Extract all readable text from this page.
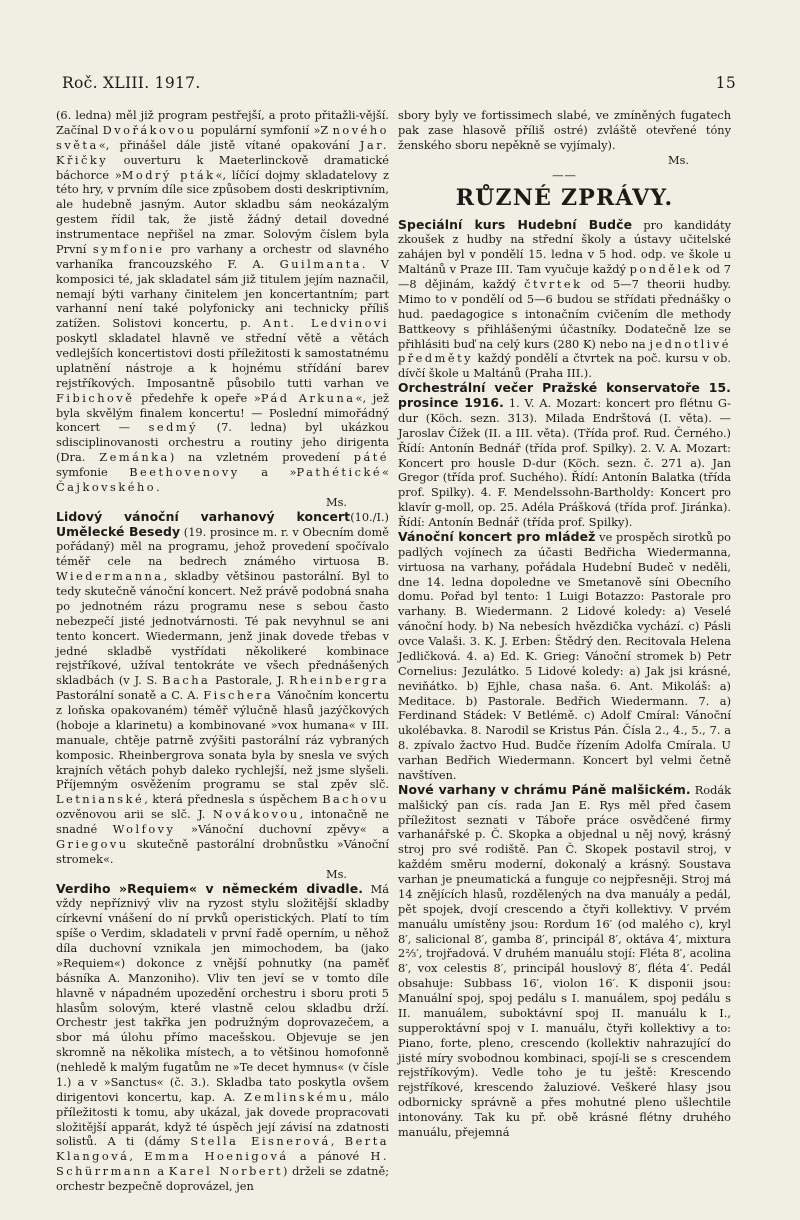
Roč. XLIII. 1917.	15

(6. ledna) měl již program pestřejší, a proto přitažli-vější. Začínal Dvořákovou populární symfonií »Z nového světa«, přinášel dále jistě vítané opakování Jar. Křičky ouverturu k Maeterlinckově dramatické báchorce »Modrý pták«, líčící dojmy skladatelovy z této hry, v prvním díle sice způsobem dosti deskriptivním, ale hudebně jasným. Autor skladbu sám neokázalým gestem řídil tak, že jistě žádný detail dovedné instrumentace nepřišel na zmar. Solovým číslem byla První symfonie pro varhany a orchestr od slavného varhaníka francouzského F. A. Guilmanta. V komposici té, jak skladatel sám již titulem jejím naznačil, nemají býti varhany činitelem jen koncertantním; part varhanní není také polyfonicky ani technicky příliš zatížen. Solistovi koncertu, p. Ant. Ledvinovi poskytl skladatel hlavně ve střední větě a větách vedlejších koncertistovi dosti příležitosti k samostatnému uplatnění nástroje a k hojnému střídání barev rejstříkových. Imposantně působilo tutti varhan ve Fibichově předehře k opeře »Pád Arkuna«, jež byla skvělým finalem koncertu! — Poslední mimořádný koncert — sedmý (7. ledna) byl ukázkou sdisciplinovanosti orchestru a routiny jeho dirigenta (Dra. Zemánka) na vzletném provedení páté symfonie Beethovenovy a »Pathétické« Čajkovského.

Ms.

Lidový vánoční varhanový koncert(10./I.) Umělecké Besedy (19. prosince m. r. v Obecním domě pořádaný) měl na programu, jehož provedení spočívalo téměř cele na bedrech známého virtuosa B. Wiedermanna, skladby většinou pastorální. Byl to tedy skutečně vánoční koncert. Než právě podobná snaha po jednotném rázu programu nese s sebou často nebezpečí jisté jednotvárnosti. Té pak nevyhnul se ani tento koncert. Wiedermann, jenž jinak dovede třebas v jedné skladbě vystřídati několikeré kombinace rejstříkové, užíval tentokráte ve všech přednášených skladbách (v J. S. Bacha Pastorale, J. Rheinbergra Pastorální sonatě a C. A. Fischera Vánočním koncertu z loňska opakovaném) téměř výlučně hlasů jazýčkových (hoboje a klarinetu) a kombinované »vox humana« v III. manuale, chtěje patrně zvýšiti pastorální ráz vybraných komposic. Rheinbergrova sonata byla by snesla ve svých krajních větách pohyb daleko rychlejší, než jsme slyšeli. Příjemným osvěžením programu se stal zpěv slč. Letnianské, která přednesla s úspěchem Bachovu ozvěnovou arii se slč. J. Novákovou, intonačně ne snadné Wolfovy »Vánoční duchovní zpěvy« a Griegovu skutečně pastorální drobnůstku »Vánoční stromek«.

Ms.

Verdiho »Requiem« v německém divadle. Má vždy nepříznivý vliv na ryzost stylu složitější skladby církevní vnášení do ní prvků operistických. Platí to tím spíše o Verdim, skladateli v první řadě operním, u něhož díla duchovní vznikala jen mimochodem, ba (jako »Requiem«) dokonce z vnější pohnutky (na paměť básníka A. Manzoniho). Vliv ten jeví se v tomto díle hlavně v nápadném upozedění orchestru i sboru proti 5 hlasům solovým, které vlastně celou skladbu drží. Orchestr jest takřka jen podružným doprovazečem, a sbor má úlohu přímo macešskou. Objevuje se jen skromně na několika místech, a to většinou homofonně (nehledě k malým fugatům ne »Te decet hymnus« (v čísle 1.) a v »Sanctus« (č. 3.). Skladba tato poskytla ovšem dirigentovi koncertu, kap. A. Zemlinskému, málo příležitosti k tomu, aby ukázal, jak dovede propracovati složitější apparát, když té úspěch její závisí na zdatnosti solistů. A ti (dámy Stella Eisnerová, Berta Klangová, Emma Hoenigová a pánové H. Schürrmann a Karel Norbert) drželi se zdatně; orchestr bezpečně doprovázel, jen

sbory byly ve fortissimech slabé, ve zmíněných fugatech pak zase hlasově příliš ostré) zvláště otevřené tóny ženského sboru nepěkně se vyjímaly).

Ms.

——
RŮZNÉ ZPRÁVY.

Speciální kurs Hudební Budče pro kandidáty zkoušek z hudby na střední školy a ústavy učitelské zahájen byl v pondělí 15. ledna v 5 hod. odp. ve škole u Maltánů v Praze III. Tam vyučuje každý pondělek od 7—8 dějinám, každý čtvrtek od 5—7 theorii hudby. Mimo to v pondělí od 5—6 budou se střídati přednášky o hud. paedagogice s intonačním cvičením dle methody Battkeovy s přihlášenými účastníky. Dodatečně lze se přihlásiti buď na celý kurs (280 K) nebo na jednotlivé předměty každý pondělí a čtvrtek na poč. kursu v ob. dívčí škole u Maltánů (Praha III.).

Orchestrální večer Pražské konservatoře 15. prosince 1916. 1. V. A. Mozart: koncert pro flétnu G-dur (Köch. sezn. 313). Milada Endrštová (I. věta). — Jaroslav Čížek (II. a III. věta). (Třída prof. Rud. Černého.) Řídí: Antonín Bednář (třída prof. Spilky). 2. V. A. Mozart: Koncert pro housle D-dur (Köch. sezn. č. 271 a). Jan Gregor (třída prof. Suchého). Řídí: Antonín Balatka (třída prof. Spilky). 4. F. Mendelssohn-Bartholdy: Koncert pro klavír g-moll, op. 25. Adéla Prášková (třída prof. Jiránka). Řídí: Antonín Bednář (třída prof. Spilky).

Vánoční koncert pro mládež ve prospěch sirotků po padlých vojínech za účasti Bedřicha Wiedermanna, virtuosa na varhany, pořádala Hudební Budeč v neděli, dne 14. ledna dopoledne ve Smetanově síni Obecního domu. Pořad byl tento: 1 Luigi Botazzo: Pastorale pro varhany. B. Wiedermann. 2 Lidové koledy: a) Veselé vánoční hody. b) Na nebesích hvězdička vychází. c) Pásli ovce Valaši. 3. K. J. Erben: Štědrý den. Recitovala Helena Jedličková. 4. a) Ed. K. Grieg: Vánoční stromek b) Petr Cornelius: Jezulátko. 5 Lidové koledy: a) Jak jsi krásné, neviňátko. b) Ejhle, chasa naša. 6. Ant. Mikoláš: a) Meditace. b) Pastorale. Bedřich Wiedermann. 7. a) Ferdinand Stádek: V Betlémě. c) Adolf Cmíral: Vánoční ukolébavka. 8. Narodil se Kristus Pán. Čísla 2., 4., 5., 7. a 8. zpívalo žactvo Hud. Budče řízením Adolfa Cmírala. U varhan Bedřich Wiedermann. Koncert byl velmi četně navštíven.

Nové varhany v chrámu Páně malšickém. Rodák malšický pan cís. rada Jan E. Rys měl před časem příležitost seznati v Táboře práce osvědčené firmy varhanářské p. Č. Skopka a objednal u něj nový, krásný stroj pro své rodiště. Pan Č. Skopek postavil stroj, v každém směru moderní, dokonalý a krásný. Soustava varhan je pneumatická a funguje co nejpřesněji. Stroj má 14 znějících hlasů, rozdělených na dva manuály a pedál, pět spojek, dvojí crescendo a čtyři kollektivy. V prvém manuálu umístěny jsou: Rordum 16′ (od malého c), kryl 8′, salicional 8′, gamba 8′, principál 8′, oktáva 4′, mixtura 2⅔′, trojřadová. V druhém manuálu stojí: Fléta 8′, acolina 8′, vox celestis 8′, principál houslový 8′, fléta 4′. Pedál obsahuje: Subbass 16′, violon 16′. K disponii jsou: Manuální spoj, spoj pedálu s I. manuálem, spoj pedálu s II. manuálem, suboktávní spoj II. manuálu k I., supperoktávní spoj v I. manuálu, čtyři kollektivy a to: Piano, forte, pleno, crescendo (kollektiv nahrazující do jisté míry svobodnou kombinaci, spojí-li se s crescendem rejstříkovým). Vedle toho je tu ještě: Krescendo rejstříkové, krescendo žaluziové. Veškeré hlasy jsou odbornicky správně a přes mohutné pleno ušlechtile intonovány. Tak ku př. obě krásné flétny druhého manuálu, přejemná
